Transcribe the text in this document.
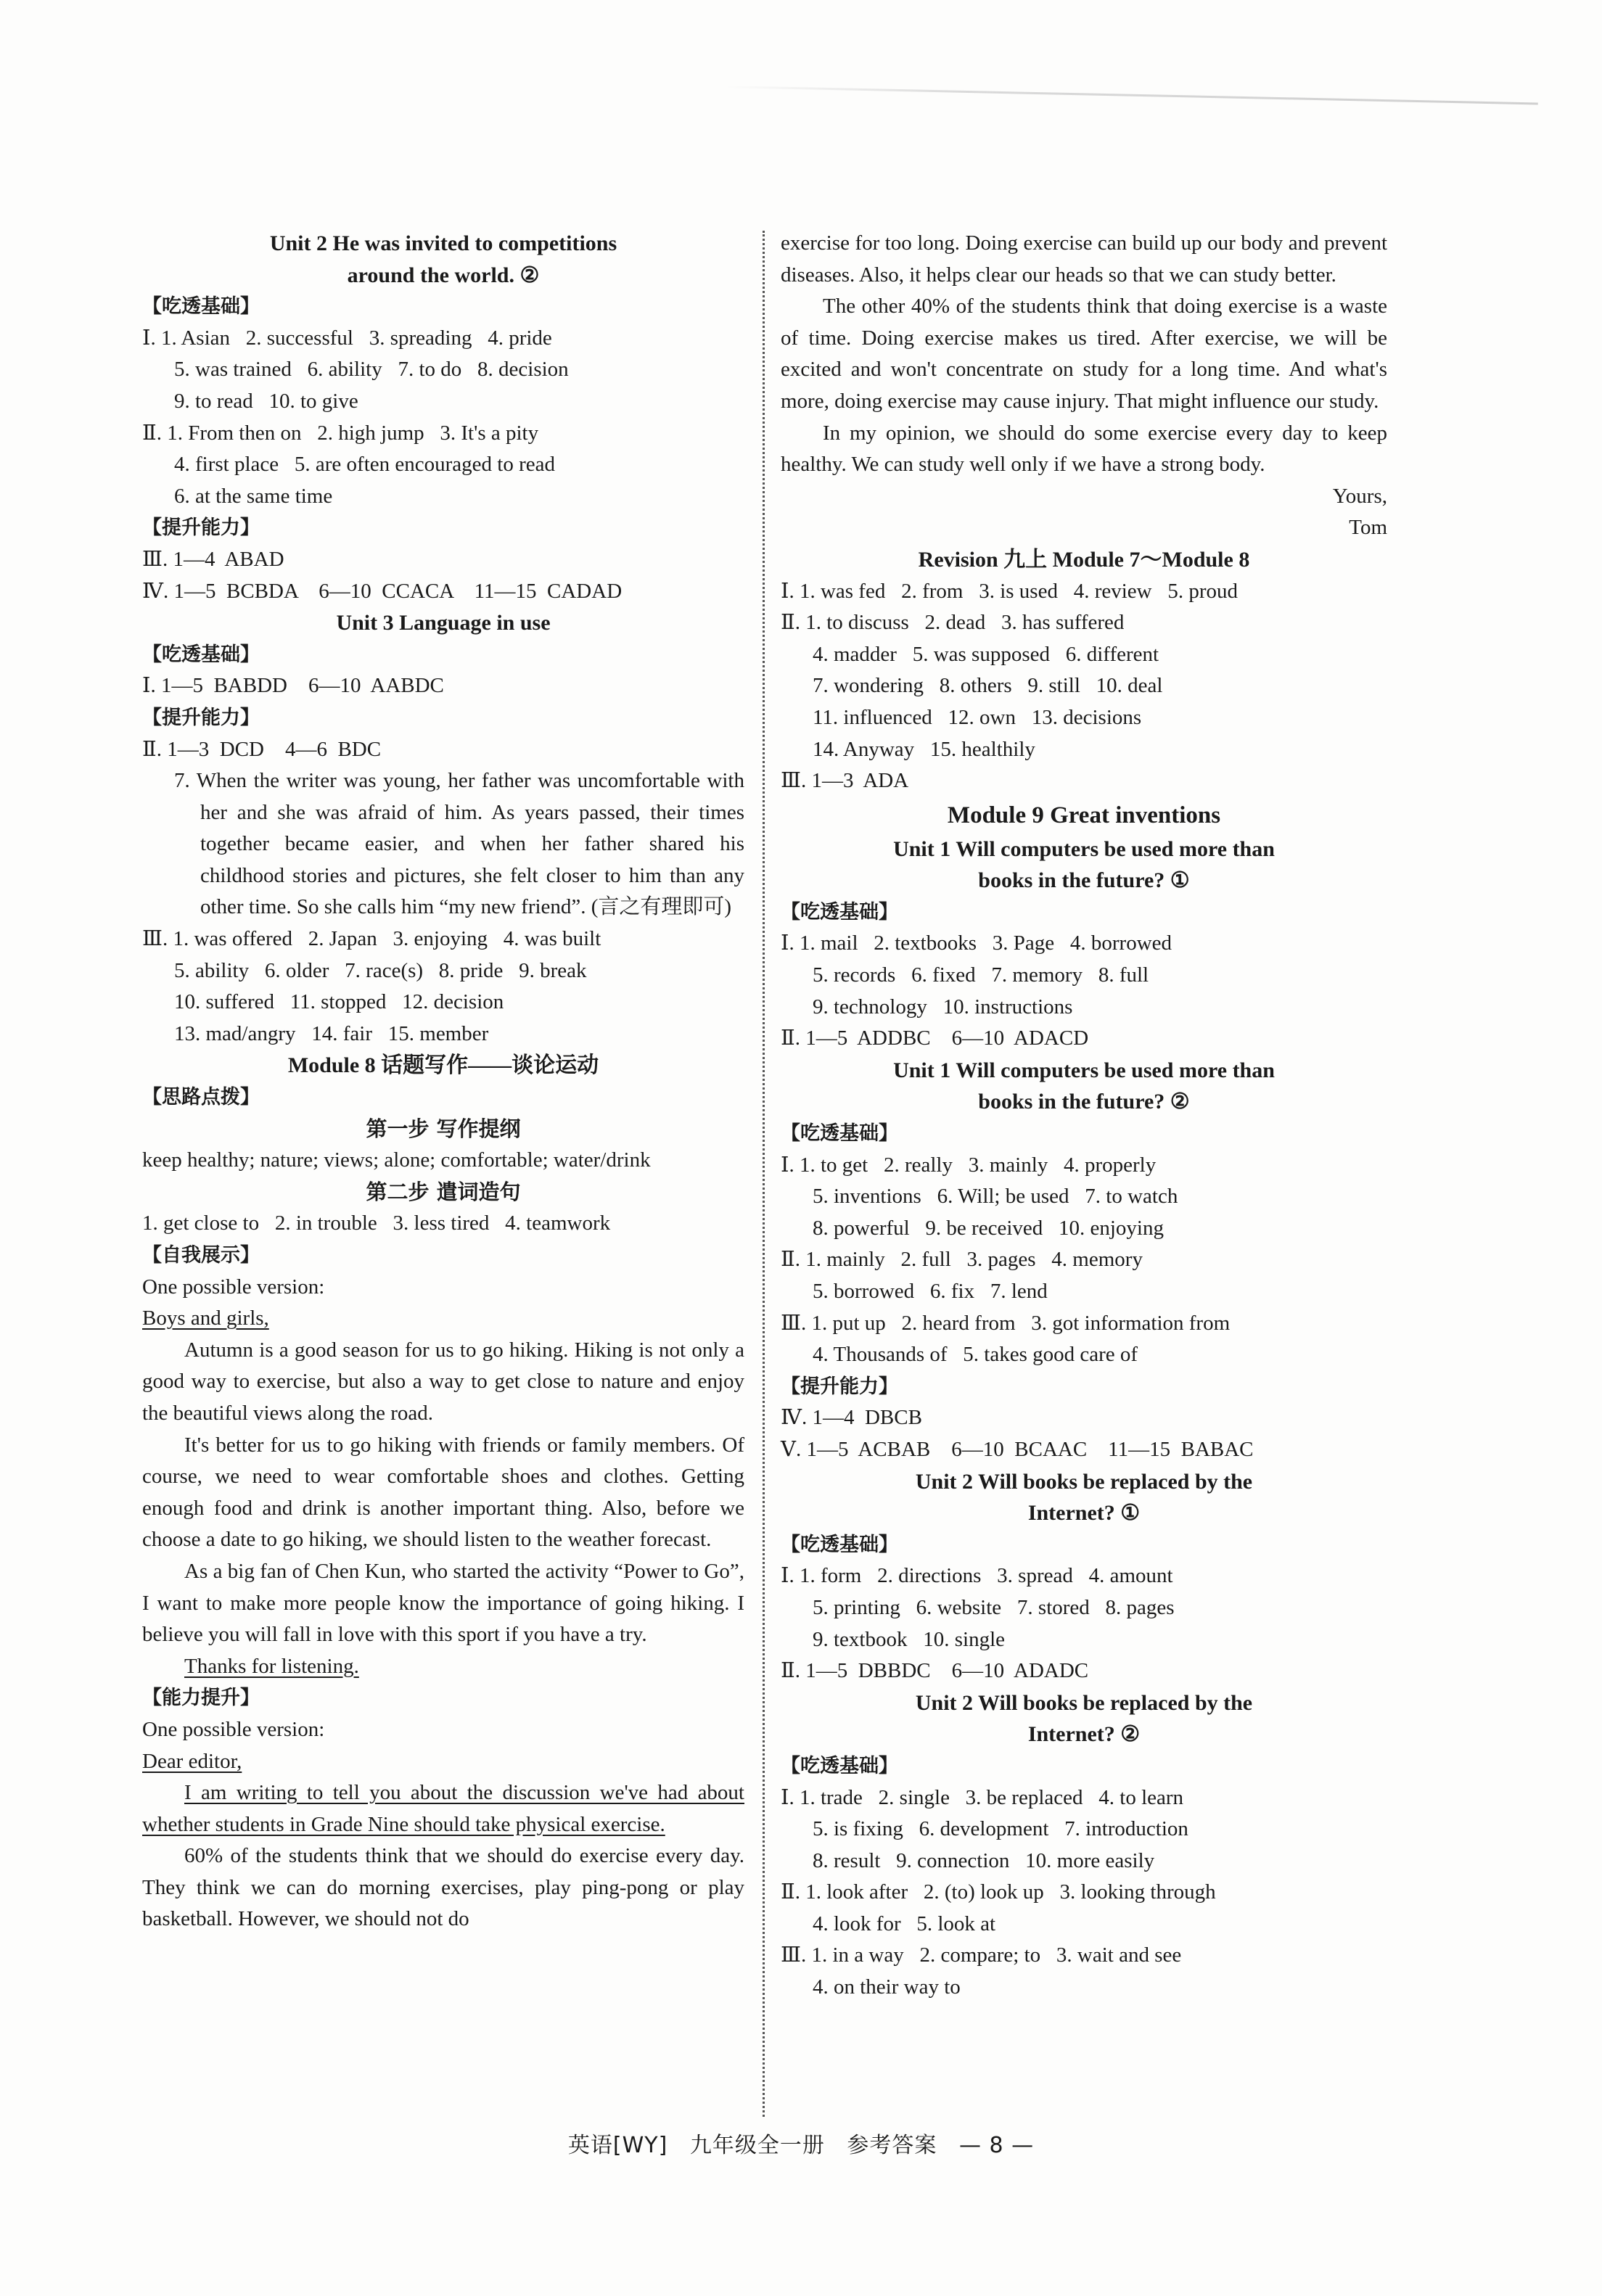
Unit 2 He was invited to competitions
around the world. ②
【吃透基础】
Ⅰ. 1. Asian   2. successful   3. spreading   4. pride
5. was trained   6. ability   7. to do   8. decision
9. to read   10. to give
Ⅱ. 1. From then on   2. high jump   3. It's a pity
4. first place   5. are often encouraged to read
6. at the same time
【提升能力】
Ⅲ. 1—4  ABAD
Ⅳ. 1—5  BCBDA    6—10  CCACA    11—15  CADAD
Unit 3 Language in use
【吃透基础】
Ⅰ. 1—5  BABDD    6—10  AABDC
【提升能力】
Ⅱ. 1—3  DCD    4—6  BDC
7. When the writer was young, her father was uncomfortable with her and she was afraid of him. As years passed, their times together became easier, and when her father shared his childhood stories and pictures, she felt closer to him than any other time. So she calls him “my new friend”. (言之有理即可)
Ⅲ. 1. was offered   2. Japan   3. enjoying   4. was built
5. ability   6. older   7. race(s)   8. pride   9. break
10. suffered   11. stopped   12. decision
13. mad/angry   14. fair   15. member
Module 8 话题写作——谈论运动
【思路点拨】
第一步 写作提纲
keep healthy; nature; views; alone; comfortable; water/drink
第二步 遣词造句
1. get close to   2. in trouble   3. less tired   4. teamwork
【自我展示】
One possible version:
Boys and girls,
Autumn is a good season for us to go hiking. Hiking is not only a good way to exercise, but also a way to get close to nature and enjoy the beautiful views along the road.
It's better for us to go hiking with friends or family members. Of course, we need to wear comfortable shoes and clothes. Getting enough food and drink is another important thing. Also, before we choose a date to go hiking, we should listen to the weather forecast.
As a big fan of Chen Kun, who started the activity “Power to Go”, I want to make more people know the importance of going hiking. I believe you will fall in love with this sport if you have a try.
Thanks for listening.
【能力提升】
One possible version:
Dear editor,
I am writing to tell you about the discussion we've had about whether students in Grade Nine should take physical exercise.
60% of the students think that we should do exercise every day. They think we can do morning exercises, play ping-pong or play basketball. However, we should not do
exercise for too long. Doing exercise can build up our body and prevent diseases. Also, it helps clear our heads so that we can study better.
The other 40% of the students think that doing exercise is a waste of time. Doing exercise makes us tired. After exercise, we will be excited and won't concentrate on study for a long time. And what's more, doing exercise may cause injury. That might influence our study.
In my opinion, we should do some exercise every day to keep healthy. We can study well only if we have a strong body.
Yours,
Tom
Revision 九上 Module 7～Module 8
Ⅰ. 1. was fed   2. from   3. is used   4. review   5. proud
Ⅱ. 1. to discuss   2. dead   3. has suffered
4. madder   5. was supposed   6. different
7. wondering   8. others   9. still   10. deal
11. influenced   12. own   13. decisions
14. Anyway   15. healthily
Ⅲ. 1—3  ADA
Module 9 Great inventions
Unit 1 Will computers be used more than
books in the future? ①
【吃透基础】
Ⅰ. 1. mail   2. textbooks   3. Page   4. borrowed
5. records   6. fixed   7. memory   8. full
9. technology   10. instructions
Ⅱ. 1—5  ADDBC    6—10  ADACD
Unit 1 Will computers be used more than
books in the future? ②
【吃透基础】
Ⅰ. 1. to get   2. really   3. mainly   4. properly
5. inventions   6. Will; be used   7. to watch
8. powerful   9. be received   10. enjoying
Ⅱ. 1. mainly   2. full   3. pages   4. memory
5. borrowed   6. fix   7. lend
Ⅲ. 1. put up   2. heard from   3. got information from
4. Thousands of   5. takes good care of
【提升能力】
Ⅳ. 1—4  DBCB
Ⅴ. 1—5  ACBAB    6—10  BCAAC    11—15  BABAC
Unit 2 Will books be replaced by the
Internet? ①
【吃透基础】
Ⅰ. 1. form   2. directions   3. spread   4. amount
5. printing   6. website   7. stored   8. pages
9. textbook   10. single
Ⅱ. 1—5  DBBDC    6—10  ADADC
Unit 2 Will books be replaced by the
Internet? ②
【吃透基础】
Ⅰ. 1. trade   2. single   3. be replaced   4. to learn
5. is fixing   6. development   7. introduction
8. result   9. connection   10. more easily
Ⅱ. 1. look after   2. (to) look up   3. looking through
4. look for   5. look at
Ⅲ. 1. in a way   2. compare; to   3. wait and see
4. on their way to
英语[WY] 九年级全一册 参考答案 — 8 —
